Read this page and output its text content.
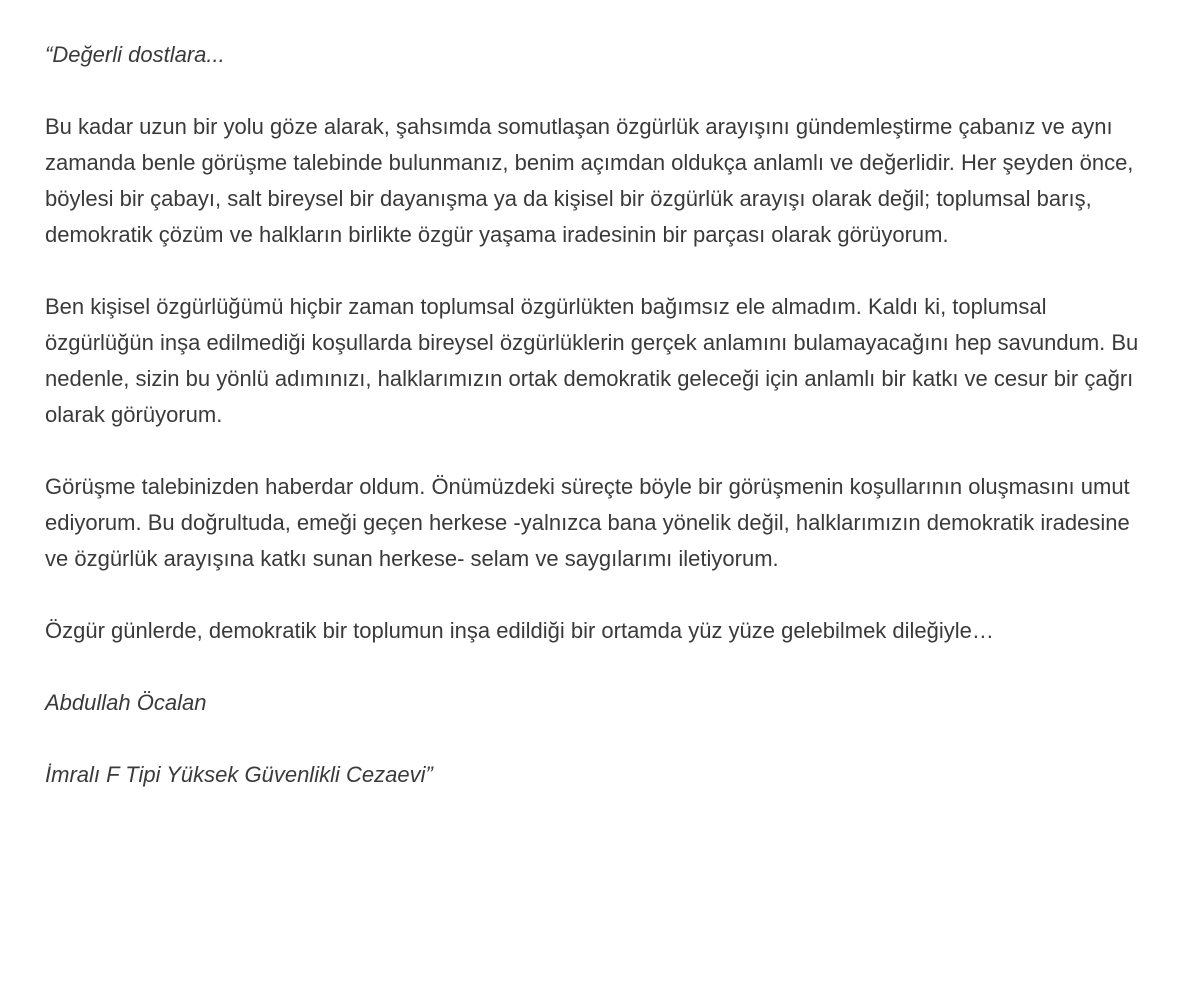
“Değerli dostlara...

Bu kadar uzun bir yolu göze alarak, şahsımda somutlaşan özgürlük arayışını gündemleştirme çabanız ve aynı zamanda benle görüşme talebinde bulunmanız, benim açımdan oldukça anlamlı ve değerlidir. Her şeyden önce, böylesi bir çabayı, salt bireysel bir dayanışma ya da kişisel bir özgürlük arayışı olarak değil; toplumsal barış, demokratik çözüm ve halkların birlikte özgür yaşama iradesinin bir parçası olarak görüyorum.

Ben kişisel özgürlüğümü hiçbir zaman toplumsal özgürlükten bağımsız ele almadım. Kaldı ki, toplumsal özgürlüğün inşa edilmediği koşullarda bireysel özgürlüklerin gerçek anlamını bulamayacağını hep savundum. Bu nedenle, sizin bu yönlü adımınızı, halklarımızın ortak demokratik geleceği için anlamlı bir katkı ve cesur bir çağrı olarak görüyorum.

Görüşme talebinizden haberdar oldum. Önümüzdeki süreçte böyle bir görüşmenin koşullarının oluşmasını umut ediyorum. Bu doğrultuda, emeği geçen herkese -yalnızca bana yönelik değil, halklarımızın demokratik iradesine ve özgürlük arayışına katkı sunan herkese- selam ve saygılarımı iletiyorum.

Özgür günlerde, demokratik bir toplumun inşa edildiği bir ortamda yüz yüze gelebilmek dileğiyle…

Abdullah Öcalan

İmralı F Tipi Yüksek Güvenlikli Cezaevi”
